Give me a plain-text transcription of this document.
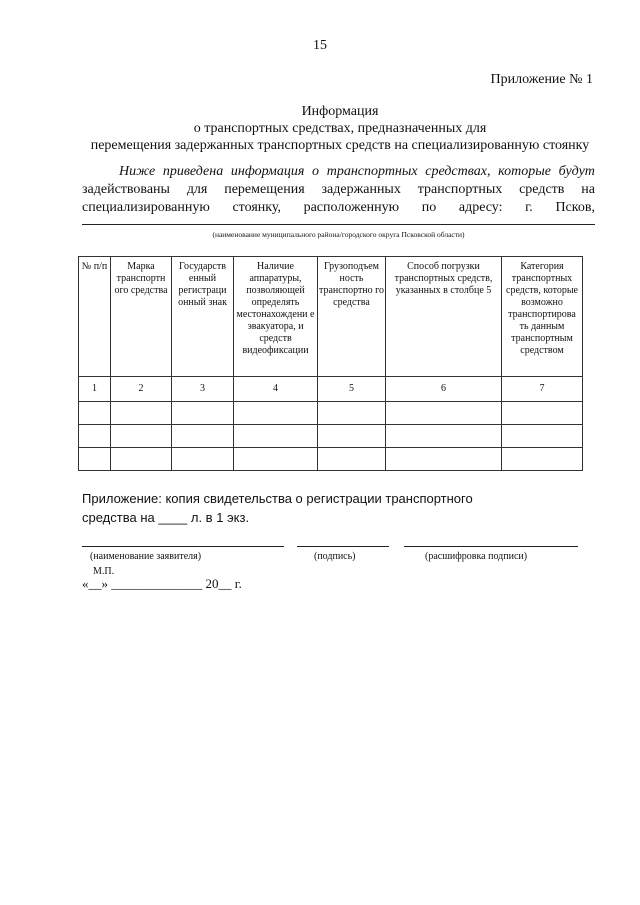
15
Приложение № 1
Информация
о транспортных средствах, предназначенных для
перемещения задержанных транспортных средств на специализированную стоянку
Ниже приведена информация о транспортных средствах, которые будут
задействованы для перемещения задержанных транспортных средств на
специализированную стоянку, расположенную по адресу: г. Псков,
(наименование муниципального района/городского округа Псковской области)
№ п/п	Марка транспортн ого средства	Государств енный регистраци онный знак	Наличие аппаратуры, позволяющей определять местонахождени е эвакуатора, и средств видеофиксации	Грузоподъем ность транспортно го средства	Способ погрузки транспортных средств, указанных в столбце 5	Категория транспортных средств, которые возможно транспортирова ть данным транспортным средством
1	2	3	4	5	6	7

Приложение: копия свидетельства о регистрации транспортного
средства на ____ л. в 1 экз.
(наименование заявителя)	(подпись)	(расшифровка подписи)
М.П.
«__» ______________ 20__ г.
